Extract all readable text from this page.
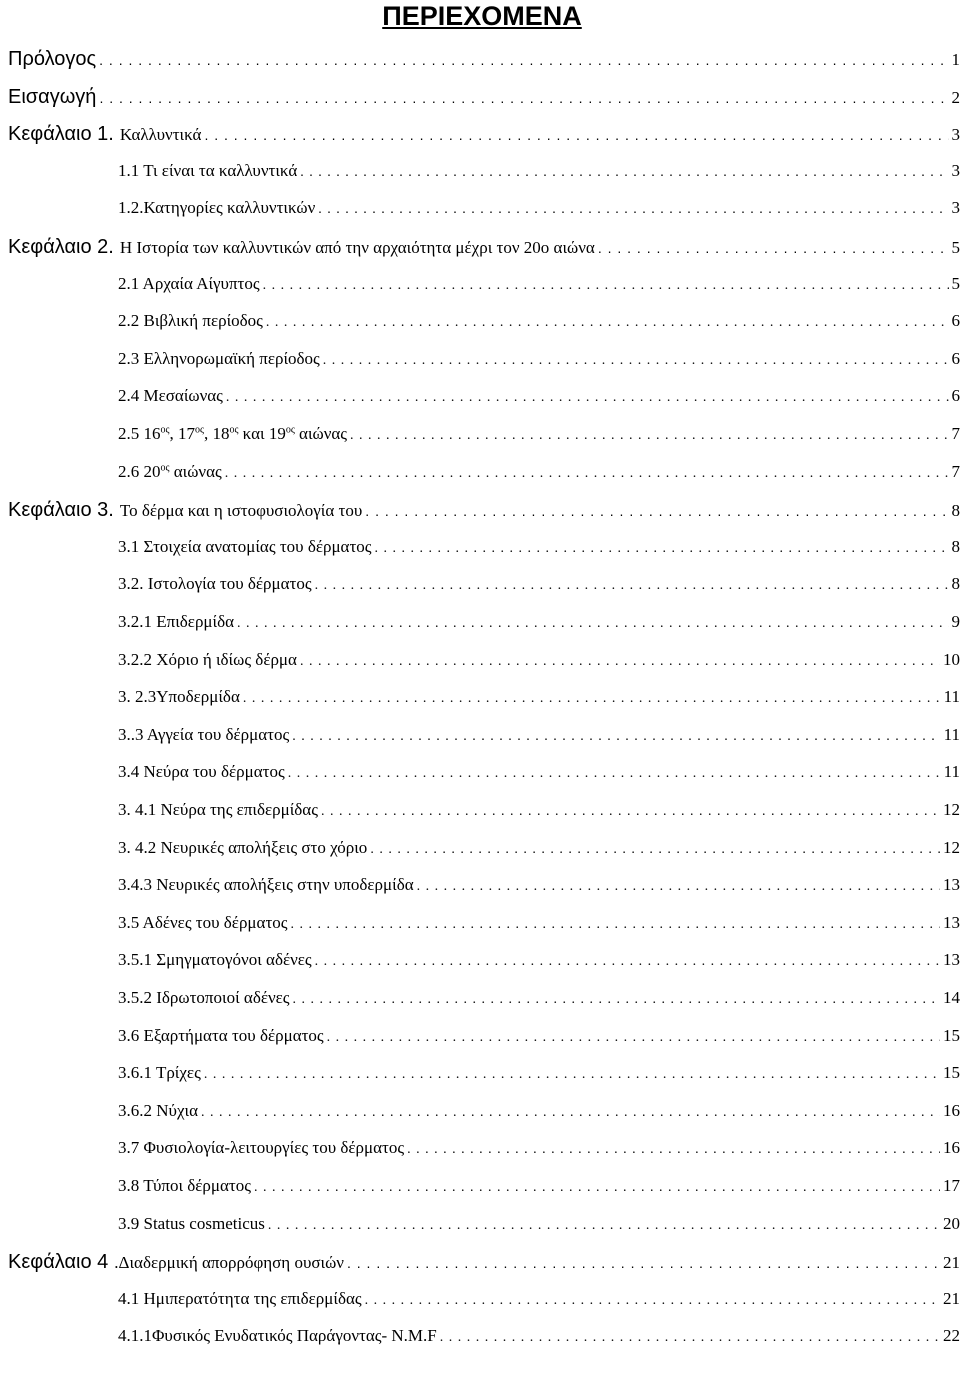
ΠΕΡΙΕΧΟΜΕΝΑ
Πρόλογος . . .	1
Εισαγωγή . . .	2
Κεφάλαιο 1. Καλλυντικά . . .	3
1.1 Τι είναι τα καλλυντικά . . .	3
1.2.Κατηγορίες καλλυντικών . . .	3
Κεφάλαιο 2. Η Ιστορία των καλλυντικών από την αρχαιότητα μέχρι τον 20ο αιώνα . . .	5
2.1 Αρχαία Αίγυπτος . . .	5
2.2 Βιβλική περίοδος . . .	6
2.3 Ελληνορωμαϊκή περίοδος . . .	6
2.4 Μεσαίωνας . . .	6
2.5 $16^{o\varsigma}$, $17^{o\varsigma}$, $18^{o\varsigma}$ και $19^{o\varsigma}$ αιώνας . . .	7
2.6 $20^{o\varsigma}$ αιώνας . . .	7
Κεφάλαιο 3. Το δέρμα και η ιστοφυσιολογία του . . .	8
3.1 Στοιχεία ανατομίας του δέρματος . . .	8
3.2. Ιστολογία του δέρματος . . .	8
3.2.1 Επιδερμίδα . . .	9
3.2.2 Χόριο ή ιδίως δέρμα . . .	10
3. 2.3Υποδερμίδα . . .	11
3..3 Αγγεία του δέρματος . . .	11
3.4 Νεύρα του δέρματος . . .	11
3. 4.1 Νεύρα της επιδερμίδας . . .	12
3. 4.2 Νευρικές απολήξεις στο χόριο . . .	12
3.4.3 Νευρικές απολήξεις στην υποδερμίδα . . .	13
3.5 Αδένες του δέρματος . . .	13
3.5.1 Σμηγματογόνοι αδένες . . .	13
3.5.2 Ιδρωτοποιοί αδένες . . .	14
3.6 Εξαρτήματα του δέρματος . . .	15
3.6.1 Τρίχες . . .	15
3.6.2 Νύχια . . .	16
3.7 Φυσιολογία-λειτουργίες του δέρματος . . .	16
3.8 Τύποι δέρματος . . .	17
3.9 Status cosmeticus . . .	20
Κεφάλαιο 4 .Διαδερμική απορρόφηση ουσιών . . .	21
4.1 Ημιπερατότητα της επιδερμίδας . . .	21
4.1.1Φυσικός Ενυδατικός Παράγοντας- N.M.F . . .	22
